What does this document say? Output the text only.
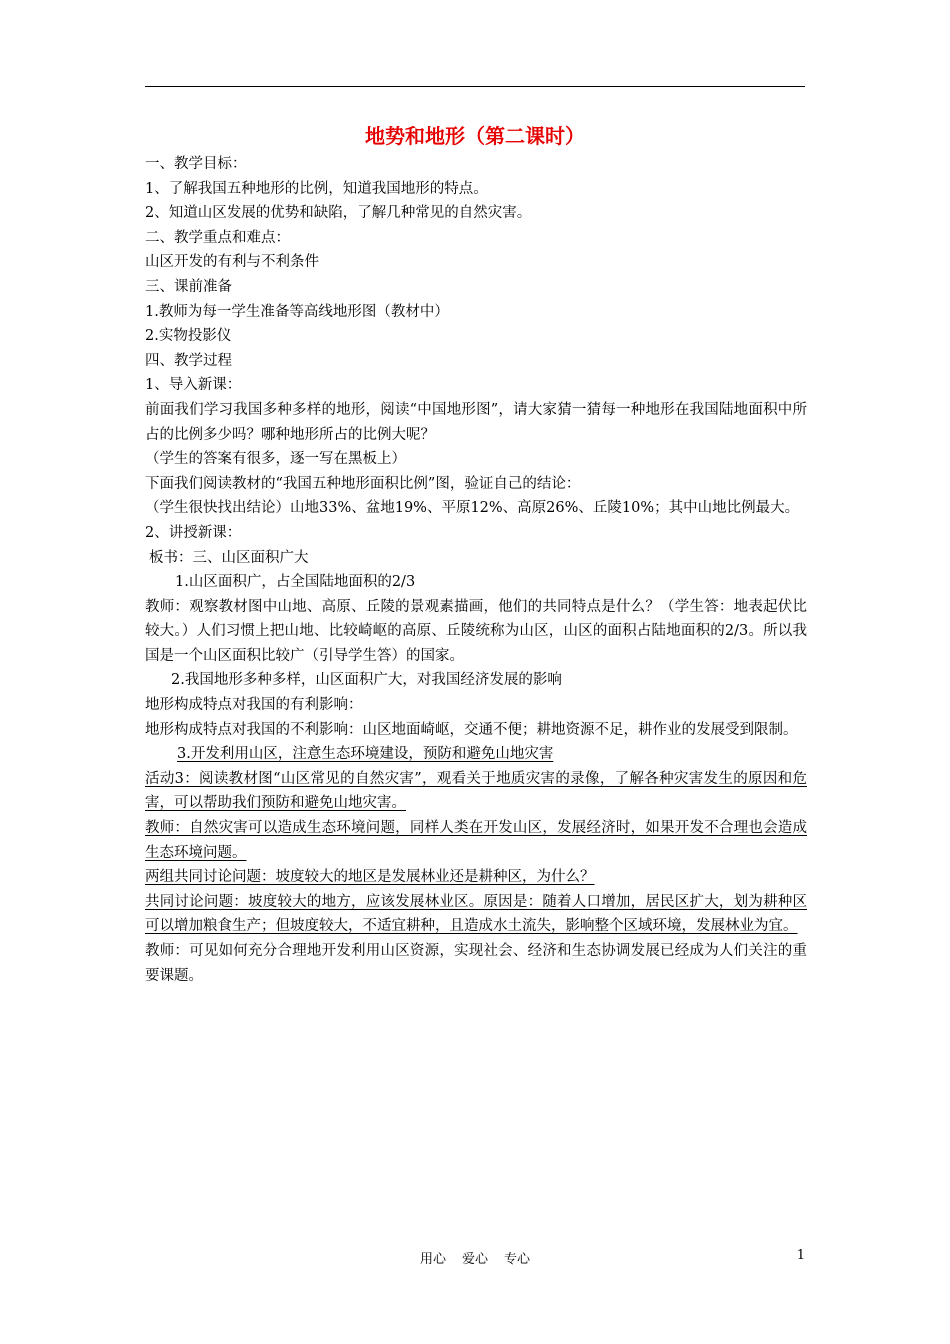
地势和地形（第二课时）

一、教学目标：

1、了解我国五种地形的比例，知道我国地形的特点。

2、知道山区发展的优势和缺陷，了解几种常见的自然灾害。

二、教学重点和难点：

山区开发的有利与不利条件

三、课前准备

1.教师为每一学生准备等高线地形图（教材中）

2.实物投影仪

四、教学过程

1、导入新课：

前面我们学习我国多种多样的地形，阅读“中国地形图”，请大家猜一猜每一种地形在我国陆地面积中所占的比例多少吗？哪种地形所占的比例大呢？

（学生的答案有很多，逐一写在黑板上）

下面我们阅读教材的“我国五种地形面积比例”图，验证自己的结论：

（学生很快找出结论）山地33%、盆地19%、平原12%、高原26%、丘陵10%；其中山地比例最大。

2、讲授新课：

板书：三、山区面积广大

1.山区面积广，占全国陆地面积的2/3

教师：观察教材图中山地、高原、丘陵的景观素描画，他们的共同特点是什么？（学生答：地表起伏比较大。）人们习惯上把山地、比较崎岖的高原、丘陵统称为山区，山区的面积占陆地面积的2/3。所以我国是一个山区面积比较广（引导学生答）的国家。

2.我国地形多种多样，山区面积广大，对我国经济发展的影响

地形构成特点对我国的有利影响：

地形构成特点对我国的不利影响：山区地面崎岖，交通不便；耕地资源不足，耕作业的发展受到限制。

3.开发利用山区，注意生态环境建设，预防和避免山地灾害

活动3：阅读教材图“山区常见的自然灾害”，观看关于地质灾害的录像，了解各种灾害发生的原因和危害，可以帮助我们预防和避免山地灾害。

教师：自然灾害可以造成生态环境问题，同样人类在开发山区，发展经济时，如果开发不合理也会造成生态环境问题。

两组共同讨论问题：坡度较大的地区是发展林业还是耕种区，为什么？

共同讨论问题：坡度较大的地方，应该发展林业区。原因是：随着人口增加，居民区扩大，划为耕种区可以增加粮食生产；但坡度较大，不适宜耕种，且造成水土流失，影响整个区域环境，发展林业为宜。

教师：可见如何充分合理地开发利用山区资源，实现社会、经济和生态协调发展已经成为人们关注的重要课题。

用心 爱心 专心	1
